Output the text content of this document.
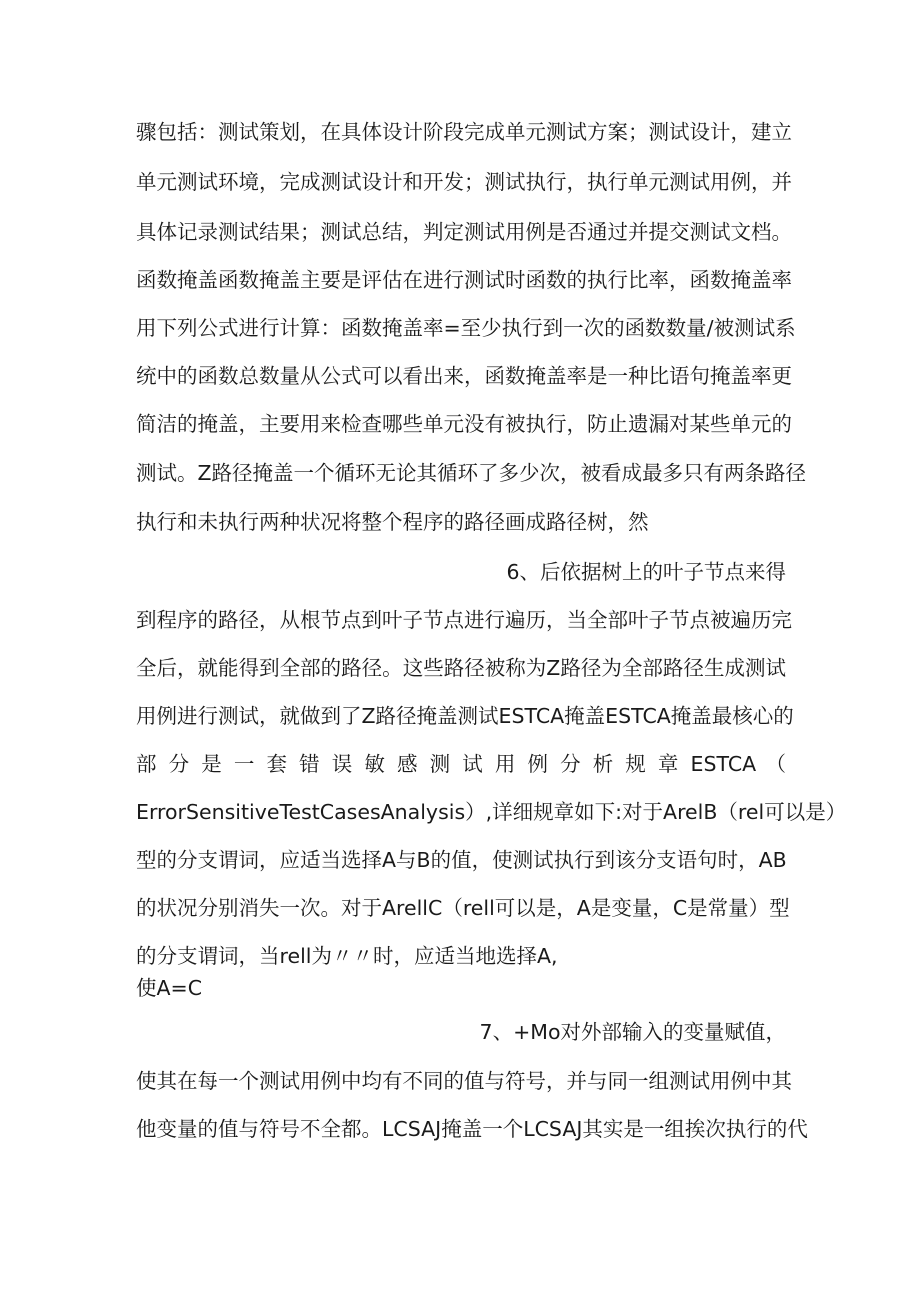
骤包括：测试策划，在具体设计阶段完成单元测试方案；测试设计，建立
单元测试环境，完成测试设计和开发；测试执行，执行单元测试用例，并
具体记录测试结果；测试总结，判定测试用例是否通过并提交测试文档。
函数掩盖函数掩盖主要是评估在进行测试时函数的执行比率，函数掩盖率
用下列公式进行计算：函数掩盖率=至少执行到一次的函数数量/被测试系
统中的函数总数量从公式可以看出来，函数掩盖率是一种比语句掩盖率更
简洁的掩盖，主要用来检查哪些单元没有被执行，防止遗漏对某些单元的
测试。Z路径掩盖一个循环无论其循环了多少次，被看成最多只有两条路径
执行和未执行两种状况将整个程序的路径画成路径树，然
6、后依据树上的叶子节点来得
到程序的路径，从根节点到叶子节点进行遍历，当全部叶子节点被遍历完
全后，就能得到全部的路径。这些路径被称为Z路径为全部路径生成测试
用例进行测试，就做到了Z路径掩盖测试ESTCA掩盖ESTCA掩盖最核心的
部 分 是 一 套 错 误 敏 感 测 试 用 例 分 析 规 章 ESTCA （
ErrorSensitiveTestCasesAnalysis）,详细规章如下:对于ArelB（rel可以是）
型的分支谓词，应适当选择A与B的值，使测试执行到该分支语句时，AB
的状况分别消失一次。对于ArellC（rell可以是，A是变量，C是常量）型
的分支谓词，当rell为〃〃时，应适当地选择A,
使A=C
7、+Mo对外部输入的变量赋值，
使其在每一个测试用例中均有不同的值与符号，并与同一组测试用例中其
他变量的值与符号不全都。LCSAJ掩盖一个LCSAJ其实是一组挨次执行的代
